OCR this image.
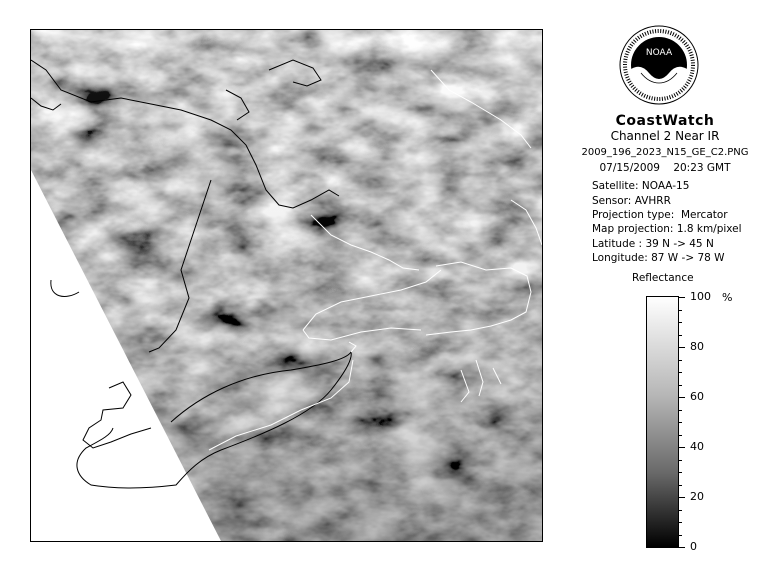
NOAA
CoastWatch
Channel 2 Near IR
2009_196_2023_N15_GE_C2.PNG
07/15/2009    20:23 GMT
Satellite: NOAA-15
Sensor: AVHRR
Projection type: Mercator
Map projection: 1.8 km/pixel
Latitude : 39 N -> 45 N
Longitude: 87 W -> 78 W
Reflectance
%
100
80
60
40
20
0
